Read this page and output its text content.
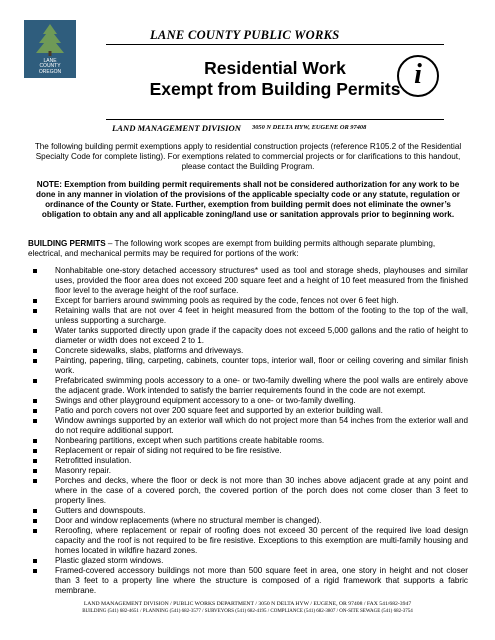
LANE
COUNTY
OREGON
LANE COUNTY PUBLIC WORKS
Residential Work
Exempt from Building Permits i
LAND MANAGEMENT DIVISION 3050 N DELTA HYW, EUGENE OR 97408
The following building permit exemptions apply to residential construction projects (reference R105.2 of the Residential Specialty Code for complete listing). For exemptions related to commercial projects or for clarifications to this handout, please contact the Building Program.
NOTE: Exemption from building permit requirements shall not be considered authorization for any work to be done in any manner in violation of the provisions of the applicable specialty code or any statute, regulation or ordinance of the County or State. Further, exemption from building permit does not eliminate the owner’s obligation to obtain any and all applicable zoning/land use or sanitation approvals prior to beginning work.
BUILDING PERMITS – The following work scopes are exempt from building permits although separate plumbing, electrical, and mechanical permits may be required for portions of the work:
Nonhabitable one-story detached accessory structures* used as tool and storage sheds, playhouses and similar uses, provided the floor area does not exceed 200 square feet and a height of 10 feet measured from the finished floor level to the average height of the roof surface.
Except for barriers around swimming pools as required by the code, fences not over 6 feet high.
Retaining walls that are not over 4 feet in height measured from the bottom of the footing to the top of the wall, unless supporting a surcharge.
Water tanks supported directly upon grade if the capacity does not exceed 5,000 gallons and the ratio of height to diameter or width does not exceed 2 to 1.
Concrete sidewalks, slabs, platforms and driveways.
Painting, papering, tiling, carpeting, cabinets, counter tops, interior wall, floor or ceiling covering and similar finish work.
Prefabricated swimming pools accessory to a one- or two-family dwelling where the pool walls are entirely above the adjacent grade. Work intended to satisfy the barrier requirements found in the code are not exempt.
Swings and other playground equipment accessory to a one- or two-family dwelling.
Patio and porch covers not over 200 square feet and supported by an exterior building wall.
Window awnings supported by an exterior wall which do not project more than 54 inches from the exterior wall and do not require additional support.
Nonbearing partitions, except when such partitions create habitable rooms.
Replacement or repair of siding not required to be fire resistive.
Retrofitted insulation.
Masonry repair.
Porches and decks, where the floor or deck is not more than 30 inches above adjacent grade at any point and where in the case of a covered porch, the covered portion of the porch does not come closer than 3 feet to property lines.
Gutters and downspouts.
Door and window replacements (where no structural member is changed).
Reroofing, where replacement or repair of roofing does not exceed 30 percent of the required live load design capacity and the roof is not required to be fire resistive. Exceptions to this exemption are multi-family housing and homes located in wildfire hazard zones.
Plastic glazed storm windows.
Framed-covered accessory buildings not more than 500 square feet in area, one story in height and not closer than 3 feet to a property line where the structure is composed of a rigid framework that supports a fabric membrane.
LAND MANAGEMENT DIVISION / PUBLIC WORKS DEPARTMENT / 3050 N DELTA HYW / EUGENE, OR 97408 / FAX 541/682-3947
BUILDING (541) 682-4651 / PLANNING (541) 682-3577 / SURVEYORS (541) 682-4195 / COMPLIANCE (541) 682-3807 / ON-SITE SEWAGE (541) 682-3754
